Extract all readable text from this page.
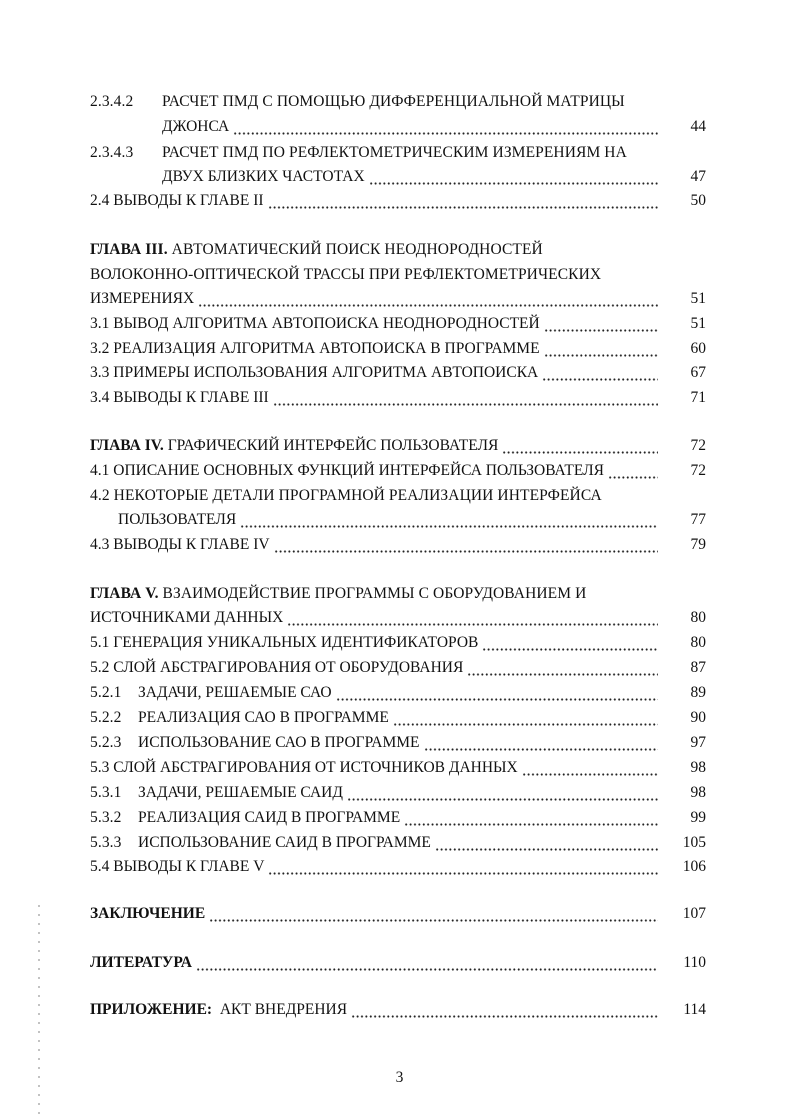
2.3.4.2 РАСЧЕТ ПМД С ПОМОЩЬЮ ДИФФЕРЕНЦИАЛЬНОЙ МАТРИЦЫ
ДЖОНСА	44
2.3.4.3 РАСЧЕТ ПМД ПО РЕФЛЕКТОМЕТРИЧЕСКИМ ИЗМЕРЕНИЯМ НА
ДВУХ БЛИЗКИХ ЧАСТОТАХ	47
2.4 ВЫВОДЫ К ГЛАВЕ II	50
ГЛАВА III. АВТОМАТИЧЕСКИЙ ПОИСК НЕОДНОРОДНОСТЕЙ
ВОЛОКОННО-ОПТИЧЕСКОЙ ТРАССЫ ПРИ РЕФЛЕКТОМЕТРИЧЕСКИХ
ИЗМЕРЕНИЯХ	51
3.1 ВЫВОД АЛГОРИТМА АВТОПОИСКА НЕОДНОРОДНОСТЕЙ	51
3.2 РЕАЛИЗАЦИЯ АЛГОРИТМА АВТОПОИСКА В ПРОГРАММЕ	60
3.3 ПРИМЕРЫ ИСПОЛЬЗОВАНИЯ АЛГОРИТМА АВТОПОИСКА	67
3.4 ВЫВОДЫ К ГЛАВЕ III	71
ГЛАВА IV. ГРАФИЧЕСКИЙ ИНТЕРФЕЙС ПОЛЬЗОВАТЕЛЯ	72
4.1 ОПИСАНИЕ ОСНОВНЫХ ФУНКЦИЙ ИНТЕРФЕЙСА ПОЛЬЗОВАТЕЛЯ	72
4.2 НЕКОТОРЫЕ ДЕТАЛИ ПРОГРАМНОЙ РЕАЛИЗАЦИИ ИНТЕРФЕЙСА
ПОЛЬЗОВАТЕЛЯ	77
4.3 ВЫВОДЫ К ГЛАВЕ IV	79
ГЛАВА V. ВЗАИМОДЕЙСТВИЕ ПРОГРАММЫ С ОБОРУДОВАНИЕМ И
ИСТОЧНИКАМИ ДАННЫХ	80
5.1 ГЕНЕРАЦИЯ УНИКАЛЬНЫХ ИДЕНТИФИКАТОРОВ	80
5.2 СЛОЙ АБСТРАГИРОВАНИЯ ОТ ОБОРУДОВАНИЯ	87
5.2.1 ЗАДАЧИ, РЕШАЕМЫЕ САО	89
5.2.2 РЕАЛИЗАЦИЯ САО В ПРОГРАММЕ	90
5.2.3 ИСПОЛЬЗОВАНИЕ САО В ПРОГРАММЕ	97
5.3 СЛОЙ АБСТРАГИРОВАНИЯ ОТ ИСТОЧНИКОВ ДАННЫХ	98
5.3.1 ЗАДАЧИ, РЕШАЕМЫЕ САИД	98
5.3.2 РЕАЛИЗАЦИЯ САИД В ПРОГРАММЕ	99
5.3.3 ИСПОЛЬЗОВАНИЕ САИД В ПРОГРАММЕ	105
5.4 ВЫВОДЫ К ГЛАВЕ V	106
ЗАКЛЮЧЕНИЕ	107
ЛИТЕРАТУРА	110
ПРИЛОЖЕНИЕ:  АКТ ВНЕДРЕНИЯ	114
3
